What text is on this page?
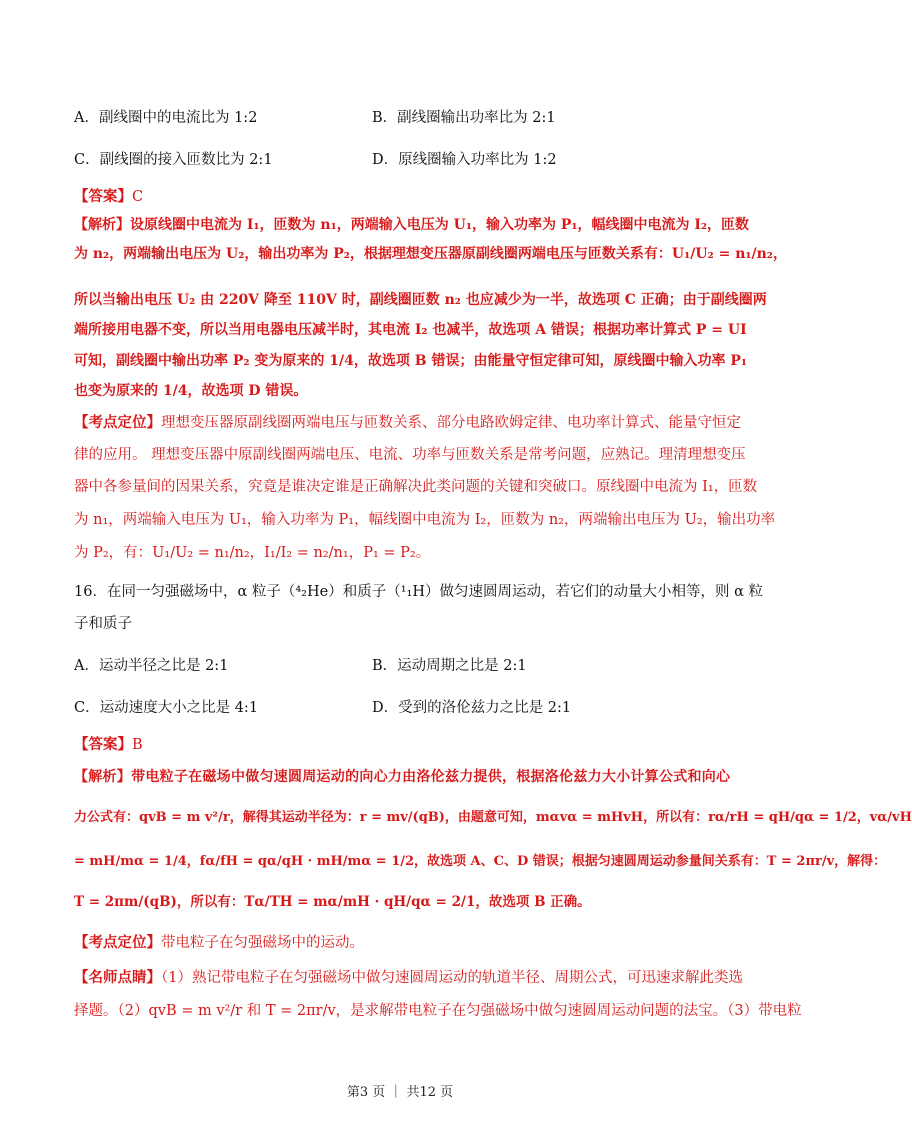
A．副线圈中的电流比为 1:2	B．副线圈输出功率比为 2:1
C．副线圈的接入匝数比为 2:1	D．原线圈输入功率比为 1:2
【答案】C
【解析】设原线圈中电流为 I₁，匝数为 n₁，两端输入电压为 U₁，输入功率为 P₁，幅线圈中电流为 I₂，匝数
为 n₂，两端输出电压为 U₂，输出功率为 P₂，根据理想变压器原副线圈两端电压与匝数关系有：U₁/U₂ = n₁/n₂，
所以当输出电压 U₂ 由 220V 降至 110V 时，副线圈匝数 n₂ 也应减少为一半，故选项 C 正确；由于副线圈两
端所接用电器不变，所以当用电器电压减半时，其电流 I₂ 也减半，故选项 A 错误；根据功率计算式 P = UI
可知，副线圈中输出功率 P₂ 变为原来的 1/4，故选项 B 错误；由能量守恒定律可知，原线圈中输入功率 P₁
也变为原来的 1/4，故选项 D 错误。
【考点定位】理想变压器原副线圈两端电压与匝数关系、部分电路欧姆定律、电功率计算式、能量守恒定
律的应用。 理想变压器中原副线圈两端电压、电流、功率与匝数关系是常考问题，应熟记。理清理想变压
器中各参量间的因果关系，究竟是谁决定谁是正确解决此类问题的关键和突破口。原线圈中电流为 I₁，匝数
为 n₁，两端输入电压为 U₁，输入功率为 P₁，幅线圈中电流为 I₂，匝数为 n₂，两端输出电压为 U₂，输出功率
为 P₂，有：U₁/U₂ = n₁/n₂，I₁/I₂ = n₂/n₁，P₁ = P₂。
16．在同一匀强磁场中，α 粒子（⁴₂He）和质子（¹₁H）做匀速圆周运动，若它们的动量大小相等，则 α 粒
子和质子
A．运动半径之比是 2:1	B．运动周期之比是 2:1
C．运动速度大小之比是 4:1	D．受到的洛伦兹力之比是 2:1
【答案】B
【解析】带电粒子在磁场中做匀速圆周运动的向心力由洛伦兹力提供，根据洛伦兹力大小计算公式和向心
力公式有：qvB = m v²/r，解得其运动半径为：r = mv/(qB)，由题意可知，mαvα = mHvH，所以有：rα/rH = qH/qα = 1/2，vα/vH
= mH/mα = 1/4，fα/fH = qα/qH · mH/mα = 1/2，故选项 A、C、D 错误；根据匀速圆周运动参量间关系有：T = 2πr/v，解得：
T = 2πm/(qB)，所以有：Tα/TH = mα/mH · qH/qα = 2/1，故选项 B 正确。
【考点定位】带电粒子在匀强磁场中的运动。
【名师点睛】（1）熟记带电粒子在匀强磁场中做匀速圆周运动的轨道半径、周期公式，可迅速求解此类选
择题。（2）qvB = m v²/r 和 T = 2πr/v，是求解带电粒子在匀强磁场中做匀速圆周运动问题的法宝。（3）带电粒
第3 页 ｜ 共12 页
